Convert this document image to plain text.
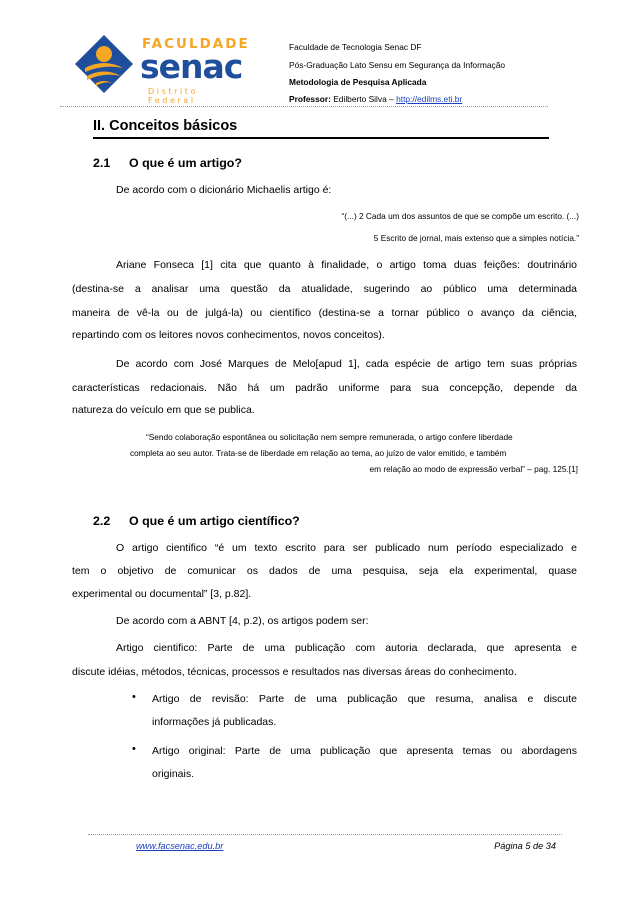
FACULDADE
senac
Distrito Federal
Faculdade de Tecnologia Senac DF
Pós-Graduação Lato Sensu em Segurança da Informação
Metodologia de Pesquisa Aplicada
Professor: Edilberto Silva – http://edilms.eti.br
II. Conceitos básicos
2.1 O que é um artigo?
De acordo com o dicionário Michaelis artigo é:
“(...) 2 Cada um dos assuntos de que se compõe um escrito. (...)
5 Escrito de jornal, mais extenso que a simples notícia.”
Ariane Fonseca [1] cita que quanto à finalidade, o artigo toma duas feições: doutrinário
(destina-se a analisar uma questão da atualidade, sugerindo ao público uma determinada
maneira de vê-la ou de julgá-la) ou científico (destina-se a tornar público o avanço da ciência,
repartindo com os leitores novos conhecimentos, novos conceitos).
De acordo com José Marques de Melo[apud 1], cada espécie de artigo tem suas próprias
características redacionais. Não há um padrão uniforme para sua concepção, depende da
natureza do veículo em que se publica.
“Sendo colaboração espontânea ou solicitação nem sempre remunerada, o artigo confere liberdade
completa ao seu autor. Trata-se de liberdade em relação ao tema, ao juízo de valor emitido, e também
em relação ao modo de expressão verbal” – pag. 125.[1]
2.2 O que é um artigo científico?
O artigo cientifico “é um texto escrito para ser publicado num período especializado e
tem o objetivo de comunicar os dados de uma pesquisa, seja ela experimental, quase
experimental ou documental” [3, p.82].
De acordo com a ABNT [4, p.2), os artigos podem ser:
Artigo cientifico: Parte de uma publicação com autoria declarada, que apresenta e
discute idéias, métodos, técnicas, processos e resultados nas diversas áreas do conhecimento.
• Artigo de revisão: Parte de uma publicação que resuma, analisa e discute
informações já publicadas.
• Artigo original: Parte de uma publicação que apresenta temas ou abordagens
originais.
www.facsenac.edu.br	Página 5 de 34
